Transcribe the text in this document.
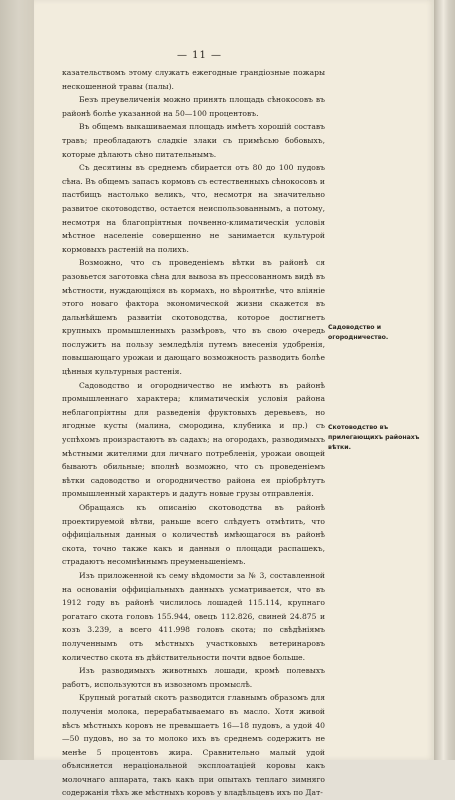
— 11 —

казательствомъ этому служатъ ежегодные грандіозные пожары нескошенной травы (палы).

Безъ преувеличенія можно принять площадь сѣнокосовъ въ районѣ болѣе указанной на 50—100 процентовъ.

Въ общемъ выкашиваемая площадь имѣетъ хорошій составъ травъ; преобладаютъ сладкіе злаки съ примѣсью бобовыхъ, которые дѣлаютъ сѣно питательнымъ.

Съ десятины въ среднемъ сбирается отъ 80 до 100 пудовъ сѣна. Въ общемъ запасъ кормовъ съ естественныхъ сѣнокосовъ и пастбищъ настолько великъ, что, несмотря на значительно развитое скотоводство, остается неиспользованнымъ, а потому, несмотря на благопріятныя почвенно-климатическія условія мѣстное населеніе совершенно не занимается культурой кормовыхъ растеній на полихъ.

Возможно, что съ проведеніемъ вѣтки въ районѣ ся разовьется заготовка сѣна для вывоза въ прессованномъ видѣ въ мѣстности, нуждающіяся въ кормахъ, но вѣроятнѣе, что вліяніе этого новаго фактора экономической жизни скажется въ дальнѣйшемъ развитіи скотоводства, которое достигнетъ крупныхъ промышленныхъ размѣровъ, что въ свою очередь послужитъ на пользу земледѣлія путемъ внесенія удобренія, повышающаго урожаи и дающаго возможность разводить болѣе цѣнныя культурныя растенія.

Садоводство и огородничество не имѣютъ въ районѣ промышленнаго характера; климатическія условія района неблагопріятны для разведенія фруктовыхъ деревьевъ, но ягодные кусты (малина, смородина, клубника и пр.) съ успѣхомъ произрастаютъ въ садахъ; на огородахъ, разводимыхъ мѣстными жителями для личнаго потребленія, урожаи овощей бываютъ обильные; вполнѣ возможно, что съ проведеніемъ вѣтки садоводство и огородничество района ея пріобрѣтутъ промышленный характеръ и дадутъ новые грузы отправленія.

Обращаясь къ описанію скотоводства въ районѣ проектируемой вѣтви, раньше всего слѣдуетъ отмѣтить, что оффиціальныя данныя о количествѣ имѣющагося въ районѣ скота, точно также какъ и данныя о площади распашекъ, страдаютъ несомнѣннымъ преуменьшеніемъ.

Изъ приложенной къ сему вѣдомости за № 3, составленной на основаніи оффиціальныхъ данныхъ усматривается, что въ 1912 году въ районѣ числилось лошадей 115.114, крупнаго рогатаго скота головъ 155.944, овецъ 112.826, свиней 24.875 и козъ 3.239, а всего 411.998 головъ скота; по свѣдѣніямъ полученнымъ отъ мѣстныхъ участковыхъ ветеринаровъ количество скота въ дѣйствительности почти вдвое больше.

Изъ разводимыхъ животныхъ лошади, кромѣ полевыхъ работъ, используются въ извозномъ промыслѣ.

Крупный рогатый скотъ разводится главнымъ образомъ для полученія молока, перерабатываемаго въ масло. Хотя живой вѣсъ мѣстныхъ коровъ не превышаетъ 16—18 пудовъ, а удой 40—50 пудовъ, но за то молоко ихъ въ среднемъ содержитъ не менѣе 5 процентовъ жира. Сравнительно малый удой объясняется нераціональной эксплоатаціей коровы какъ молочнаго аппарата, такъ какъ при опытахъ теплаго зимняго содержанія тѣхъ же мѣстныхъ коровъ у владѣльцевъ ихъ по Дат-

Садоводство и огородничество.
Скотоводство въ прилегающихъ районахъ вѣтки.
